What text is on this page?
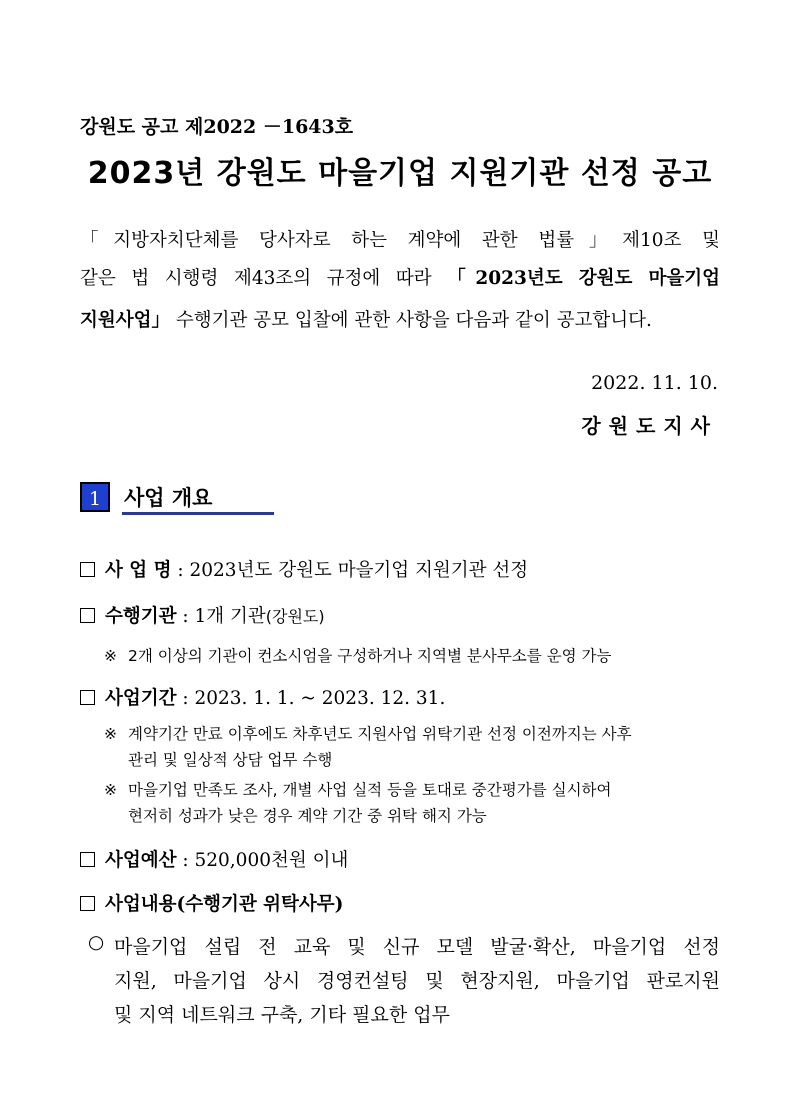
강원도 공고 제2022 －1643호
2023년 강원도 마을기업 지원기관 선정 공고
「지방자치단체를 당사자로 하는 계약에 관한 법률」제10조 및
같은 법 시행령 제43조의 규정에 따라 「2023년도 강원도 마을기업
지원사업」 수행기관 공모 입찰에 관한 사항을 다음과 같이 공고합니다.
2022. 11. 10.
강원도지사
1	사업 개요
사 업 명 : 2023년도 강원도 마을기업 지원기관 선정
수행기관 : 1개 기관(강원도)
※ 2개 이상의 기관이 컨소시엄을 구성하거나 지역별 분사무소를 운영 가능
사업기간 : 2023. 1. 1. ~ 2023. 12. 31.
※ 계약기간 만료 이후에도 차후년도 지원사업 위탁기관 선정 이전까지는 사후
관리 및 일상적 상담 업무 수행
※ 마을기업 만족도 조사, 개별 사업 실적 등을 토대로 중간평가를 실시하여
현저히 성과가 낮은 경우 계약 기간 중 위탁 해지 가능
사업예산 : 520,000천원 이내
사업내용(수행기관 위탁사무)
○ 마을기업 설립 전 교육 및 신규 모델 발굴·확산, 마을기업 선정
지원, 마을기업 상시 경영컨설팅 및 현장지원, 마을기업 판로지원
및 지역 네트워크 구축, 기타 필요한 업무
